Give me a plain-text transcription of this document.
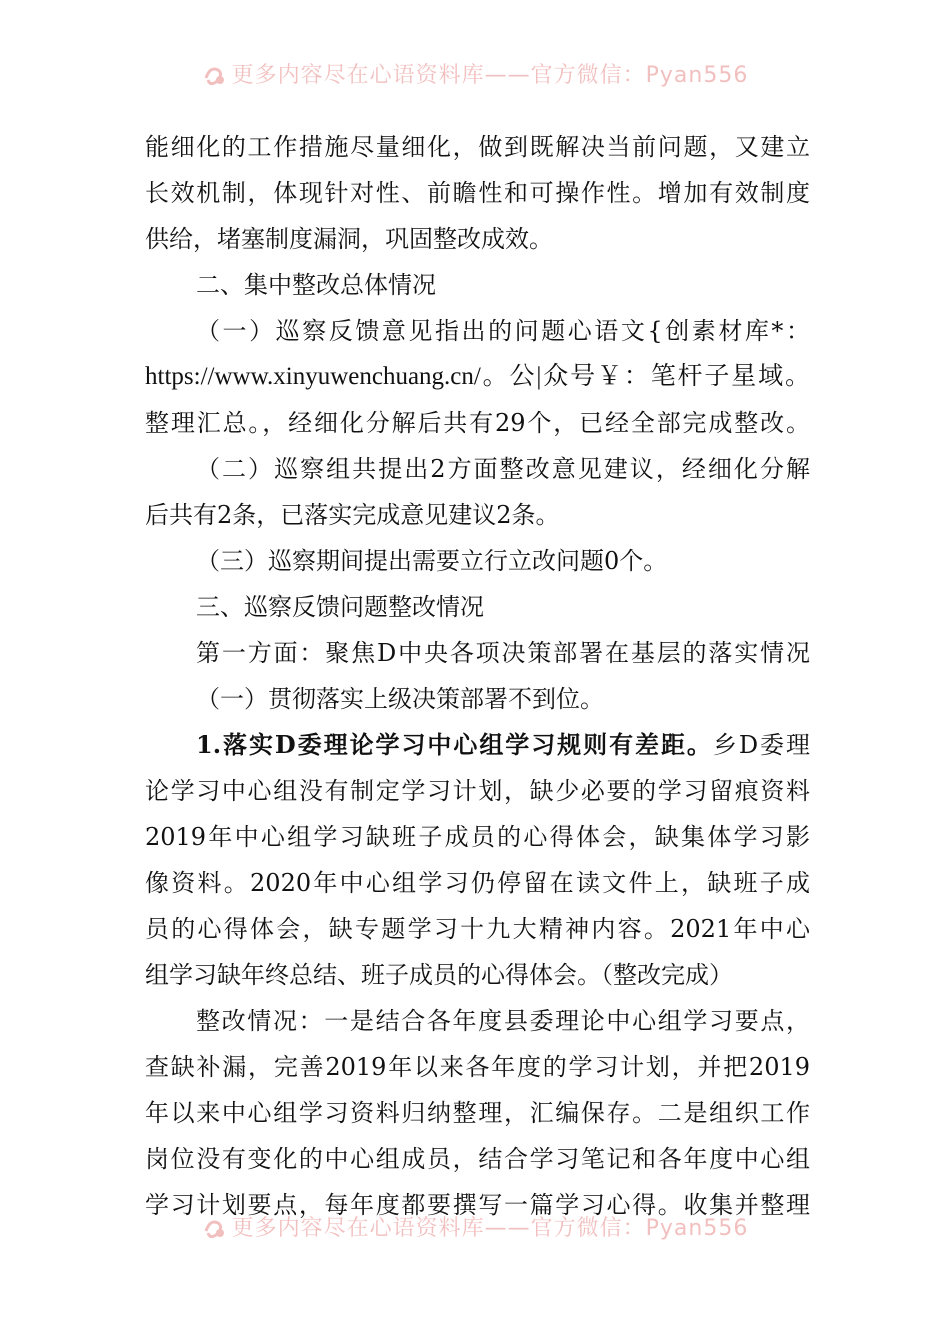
更多内容尽在心语资料库——官方微信：Pyan556
能细化的工作措施尽量细化，做到既解决当前问题，又建立
长效机制，体现针对性、前瞻性和可操作性。增加有效制度
供给，堵塞制度漏洞，巩固整改成效。
二、集中整改总体情况
（一）巡察反馈意见指出的问题心语文{创素材库*：
https://www.xinyuwenchuang.cn/。公|众号￥：笔杆子星域。
整理汇总。，经细化分解后共有29个，已经全部完成整改。
（二）巡察组共提出2方面整改意见建议，经细化分解
后共有2条，已落实完成意见建议2条。
（三）巡察期间提出需要立行立改问题0个。
三、巡察反馈问题整改情况
第一方面：聚焦D中央各项决策部署在基层的落实情况
（一）贯彻落实上级决策部署不到位。
1.落实D委理论学习中心组学习规则有差距。乡D委理
论学习中心组没有制定学习计划，缺少必要的学习留痕资料
2019年中心组学习缺班子成员的心得体会，缺集体学习影
像资料。2020年中心组学习仍停留在读文件上，缺班子成
员的心得体会，缺专题学习十九大精神内容。2021年中心
组学习缺年终总结、班子成员的心得体会。（整改完成）
整改情况：一是结合各年度县委理论中心组学习要点，
查缺补漏，完善2019年以来各年度的学习计划，并把2019
年以来中心组学习资料归纳整理，汇编保存。二是组织工作
岗位没有变化的中心组成员，结合学习笔记和各年度中心组
学习计划要点，每年度都要撰写一篇学习心得。收集并整理
更多内容尽在心语资料库——官方微信：Pyan556
